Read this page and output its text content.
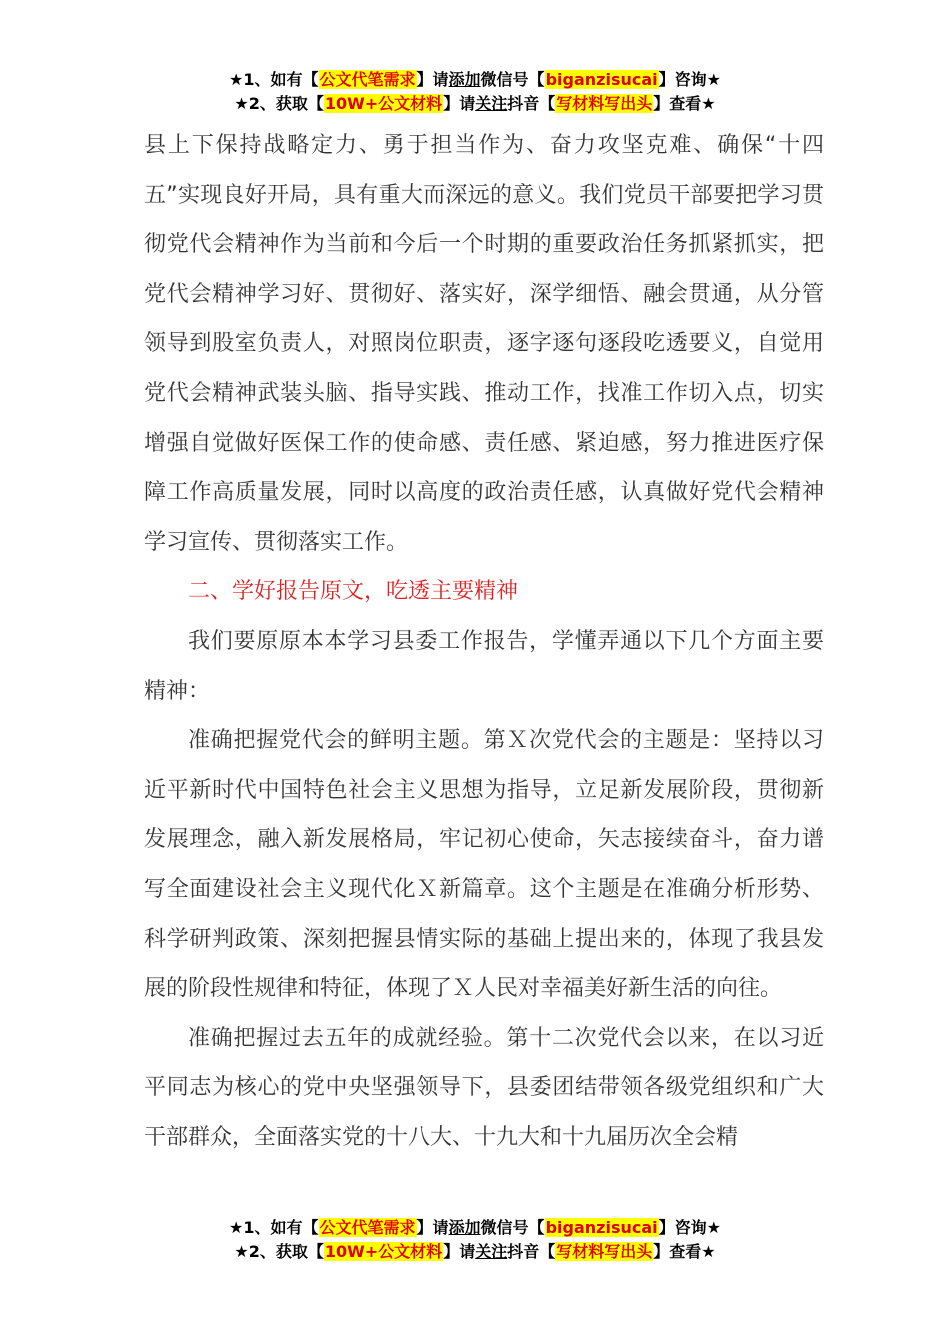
★1、如有【公文代笔需求】请添加微信号【biganzisucai】咨询★
★2、获取【10W+公文材料】请关注抖音【写材料写出头】查看★

县上下保持战略定力、勇于担当作为、奋力攻坚克难、确保“十四五”实现良好开局，具有重大而深远的意义。我们党员干部要把学习贯彻党代会精神作为当前和今后一个时期的重要政治任务抓紧抓实，把党代会精神学习好、贯彻好、落实好，深学细悟、融会贯通，从分管领导到股室负责人，对照岗位职责，逐字逐句逐段吃透要义，自觉用党代会精神武装头脑、指导实践、推动工作，找准工作切入点，切实增强自觉做好医保工作的使命感、责任感、紧迫感，努力推进医疗保障工作高质量发展，同时以高度的政治责任感，认真做好党代会精神学习宣传、贯彻落实工作。

二、学好报告原文，吃透主要精神

我们要原原本本学习县委工作报告，学懂弄通以下几个方面主要精神：

准确把握党代会的鲜明主题。第Ｘ次党代会的主题是：坚持以习近平新时代中国特色社会主义思想为指导，立足新发展阶段，贯彻新发展理念，融入新发展格局，牢记初心使命，矢志接续奋斗，奋力谱写全面建设社会主义现代化Ｘ新篇章。这个主题是在准确分析形势、科学研判政策、深刻把握县情实际的基础上提出来的，体现了我县发展的阶段性规律和特征，体现了Ｘ人民对幸福美好新生活的向往。

准确把握过去五年的成就经验。第十二次党代会以来，在以习近平同志为核心的党中央坚强领导下，县委团结带领各级党组织和广大干部群众，全面落实党的十八大、十九大和十九届历次全会精

★1、如有【公文代笔需求】请添加微信号【biganzisucai】咨询★
★2、获取【10W+公文材料】请关注抖音【写材料写出头】查看★
